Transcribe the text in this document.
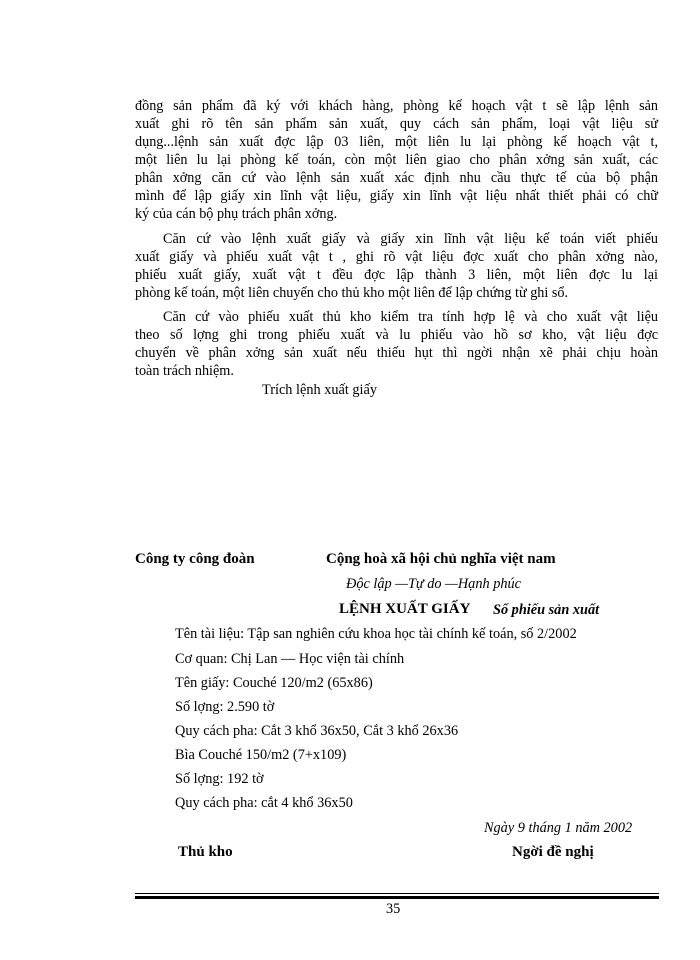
đồng sản phẩm đã ký với khách hàng, phòng kế hoạch vật t sẽ lập lệnh sản
xuất ghi rõ tên sản phẩm sản xuất, quy cách sản phẩm, loại vật liệu sử
dụng...lệnh sản xuất đợc lập 03 liên, một liên lu lại phòng kế hoạch vật t,
một liên lu lại phòng kế toán, còn một liên giao cho phân xởng sản xuất, các
phân xởng căn cứ vào lệnh sản xuất xác định nhu cầu thực tế của bộ phận
mình để lập giấy xin lĩnh vật liệu, giấy xin lĩnh vật liệu nhất thiết phải có chữ
ký của cán bộ phụ trách phân xởng.
Căn cứ vào lệnh xuất giấy và giấy xin lĩnh vật liệu kế toán viết phiếu
xuất giấy và phiếu xuất vật t , ghi rõ vật liệu đợc xuất cho phân xởng nào,
phiếu xuất giấy, xuất vật t đều đợc lập thành 3 liên, một liên đợc lu lại
phòng kế toán, một liên chuyển cho thủ kho một liên để lập chứng từ ghi sổ.
Căn cứ vào phiếu xuất thủ kho kiểm tra tính hợp lệ và cho xuất vật liệu
theo số lợng ghi trong phiếu xuất và lu phiếu vào hồ sơ kho, vật liệu đợc
chuyển về phân xởng sản xuất nếu thiếu hụt thì ngời nhận xẽ phải chịu hoàn
toàn trách nhiệm.
Trích lệnh xuất giấy
Công ty công đoàn	Cộng hoà xã hội chủ nghĩa việt nam
Độc lập —Tự do —Hạnh phúc
LỆNH XUẤT GIẤY Số phiếu sản xuất
Tên tài liệu: Tập san nghiên cứu khoa học tài chính kế toán, số 2/2002
Cơ quan: Chị Lan — Học viện tài chính
Tên giấy: Couché 120/m2 (65x86)
Số lợng: 2.590 tờ
Quy cách pha: Cắt 3 khổ 36x50, Cắt 3 khổ 26x36
Bìa Couché 150/m2 (7+x109)
Số lợng: 192 tờ
Quy cách pha: cắt 4 khổ 36x50
Ngày 9 tháng 1 năm 2002
Thủ kho	Ngời đề nghị
35
